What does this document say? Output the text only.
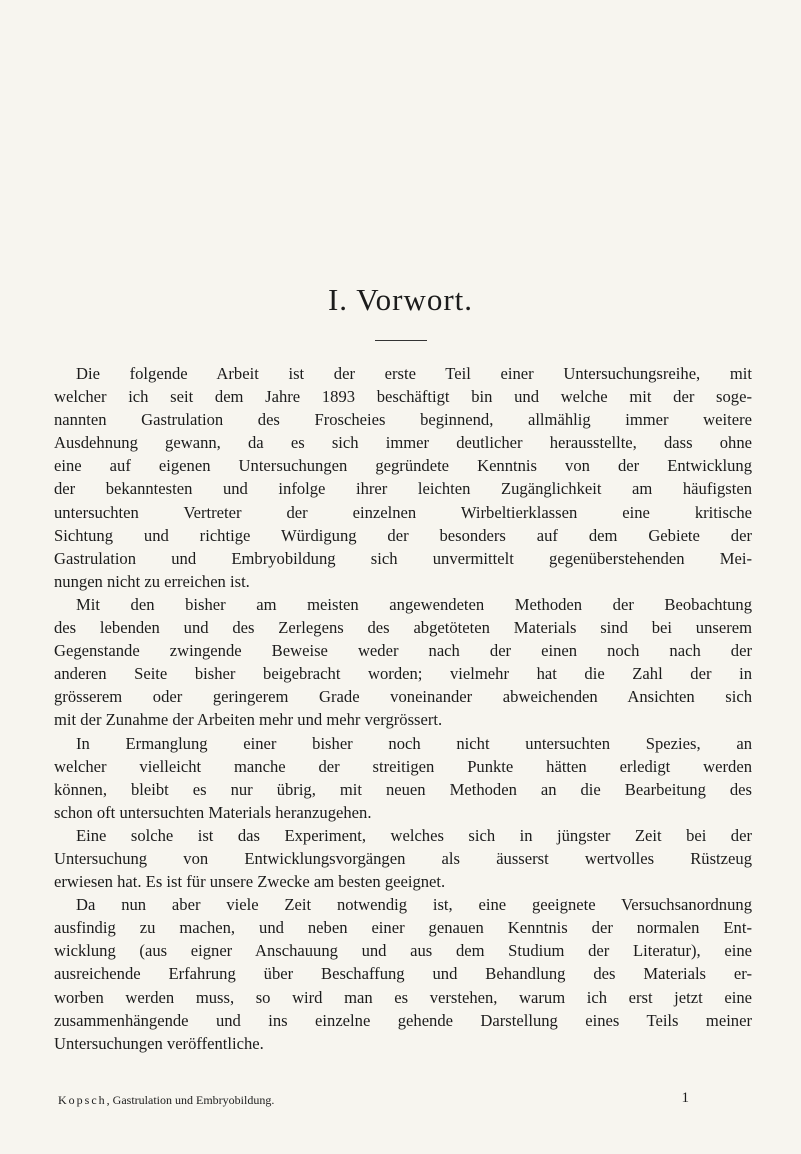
I. Vorwort.
Die folgende Arbeit ist der erste Teil einer Untersuchungsreihe, mit
welcher ich seit dem Jahre 1893 beschäftigt bin und welche mit der soge-
nannten Gastrulation des Froscheies beginnend, allmählig immer weitere
Ausdehnung gewann, da es sich immer deutlicher herausstellte, dass ohne
eine auf eigenen Untersuchungen gegründete Kenntnis von der Entwicklung
der bekanntesten und infolge ihrer leichten Zugänglichkeit am häufigsten
untersuchten Vertreter der einzelnen Wirbeltierklassen eine kritische
Sichtung und richtige Würdigung der besonders auf dem Gebiete der
Gastrulation und Embryobildung sich unvermittelt gegenüberstehenden Mei-
nungen nicht zu erreichen ist.
Mit den bisher am meisten angewendeten Methoden der Beobachtung
des lebenden und des Zerlegens des abgetöteten Materials sind bei unserem
Gegenstande zwingende Beweise weder nach der einen noch nach der
anderen Seite bisher beigebracht worden; vielmehr hat die Zahl der in
grösserem oder geringerem Grade voneinander abweichenden Ansichten sich
mit der Zunahme der Arbeiten mehr und mehr vergrössert.
In Ermanglung einer bisher noch nicht untersuchten Spezies, an
welcher vielleicht manche der streitigen Punkte hätten erledigt werden
können, bleibt es nur übrig, mit neuen Methoden an die Bearbeitung des
schon oft untersuchten Materials heranzugehen.
Eine solche ist das Experiment, welches sich in jüngster Zeit bei der
Untersuchung von Entwicklungsvorgängen als äusserst wertvolles Rüstzeug
erwiesen hat. Es ist für unsere Zwecke am besten geeignet.
Da nun aber viele Zeit notwendig ist, eine geeignete Versuchsanordnung
ausfindig zu machen, und neben einer genauen Kenntnis der normalen Ent-
wicklung (aus eigner Anschauung und aus dem Studium der Literatur), eine
ausreichende Erfahrung über Beschaffung und Behandlung des Materials er-
worben werden muss, so wird man es verstehen, warum ich erst jetzt eine
zusammenhängende und ins einzelne gehende Darstellung eines Teils meiner
Untersuchungen veröffentliche.
Kopsch, Gastrulation und Embryobildung.	1
